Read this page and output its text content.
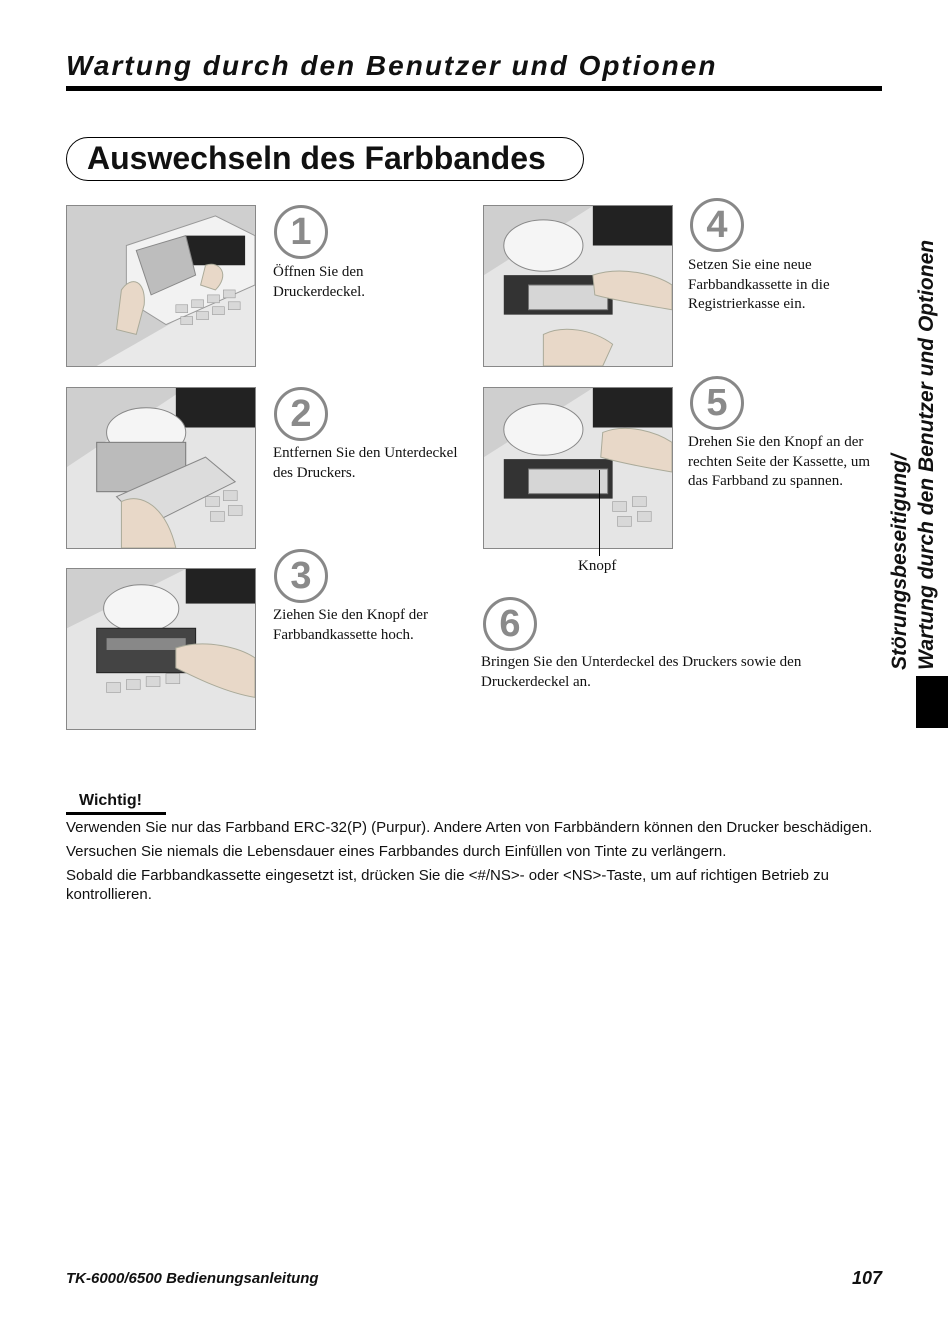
Wartung durch den Benutzer und Optionen
Auswechseln des Farbbandes
1
2
3
4
5
6
Öffnen Sie den Druckerdeckel.
Entfernen Sie den Unterdeckel des Druckers.
Ziehen Sie den Knopf der Farbbandkassette hoch.
Setzen Sie eine neue Farbbandkassette in die Registrierkasse ein.
Drehen Sie den Knopf an der rechten Seite der Kassette, um das Farbband zu spannen.
Bringen Sie den Unterdeckel des Druckers sowie den Druckerdeckel an.
Knopf	Störungsbeseitigung/ Wartung durch den Benutzer und Optionen
Wichtig!

Verwenden Sie nur das Farbband ERC-32(P) (Purpur). Andere Arten von Farbbändern können den Drucker beschädigen.

Versuchen Sie niemals die Lebensdauer eines Farbbandes durch Einfüllen von Tinte zu verlängern.

Sobald die Farbbandkassette eingesetzt ist, drücken Sie die <#/NS>- oder <NS>-Taste, um auf richtigen Betrieb zu kontrollieren.

TK-6000/6500 Bedienungsanleitung	107
